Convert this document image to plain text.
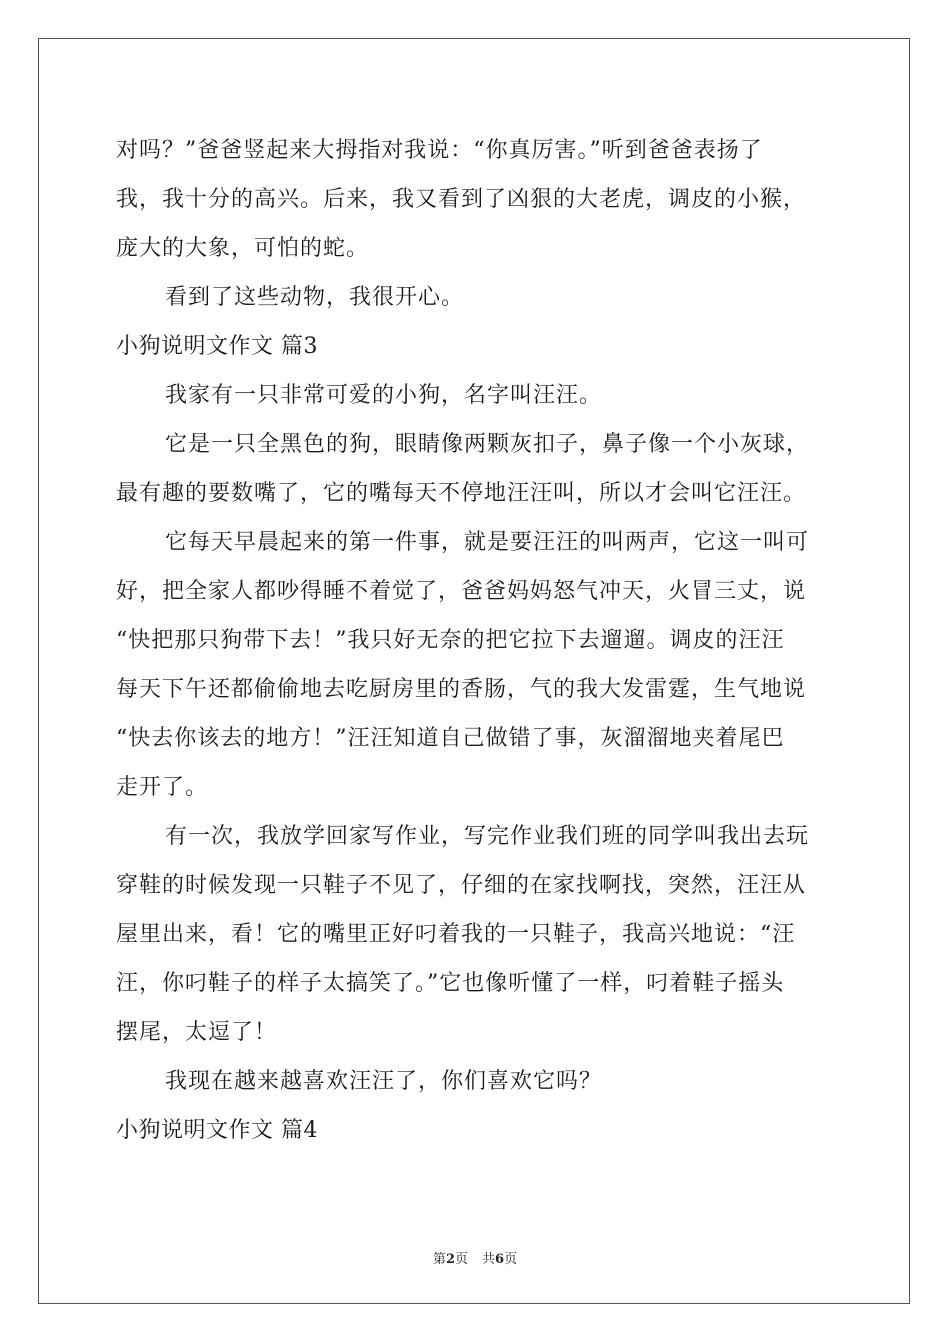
对吗？”爸爸竖起来大拇指对我说：“你真厉害。”听到爸爸表扬了
我，我十分的高兴。后来，我又看到了凶狠的大老虎，调皮的小猴，
庞大的大象，可怕的蛇。
看到了这些动物，我很开心。
小狗说明文作文 篇3
我家有一只非常可爱的小狗，名字叫汪汪。
它是一只全黑色的狗，眼睛像两颗灰扣子，鼻子像一个小灰球，
最有趣的要数嘴了，它的嘴每天不停地汪汪叫，所以才会叫它汪汪。
它每天早晨起来的第一件事，就是要汪汪的叫两声，它这一叫可
好，把全家人都吵得睡不着觉了，爸爸妈妈怒气冲天，火冒三丈，说
“快把那只狗带下去！”我只好无奈的把它拉下去遛遛。调皮的汪汪
每天下午还都偷偷地去吃厨房里的香肠，气的我大发雷霆，生气地说
“快去你该去的地方！”汪汪知道自己做错了事，灰溜溜地夹着尾巴
走开了。
有一次，我放学回家写作业，写完作业我们班的同学叫我出去玩
穿鞋的时候发现一只鞋子不见了，仔细的在家找啊找，突然，汪汪从
屋里出来，看！它的嘴里正好叼着我的一只鞋子，我高兴地说：“汪
汪，你叼鞋子的样子太搞笑了。”它也像听懂了一样，叼着鞋子摇头
摆尾，太逗了！
我现在越来越喜欢汪汪了，你们喜欢它吗？
小狗说明文作文 篇4
第2页 共6页
